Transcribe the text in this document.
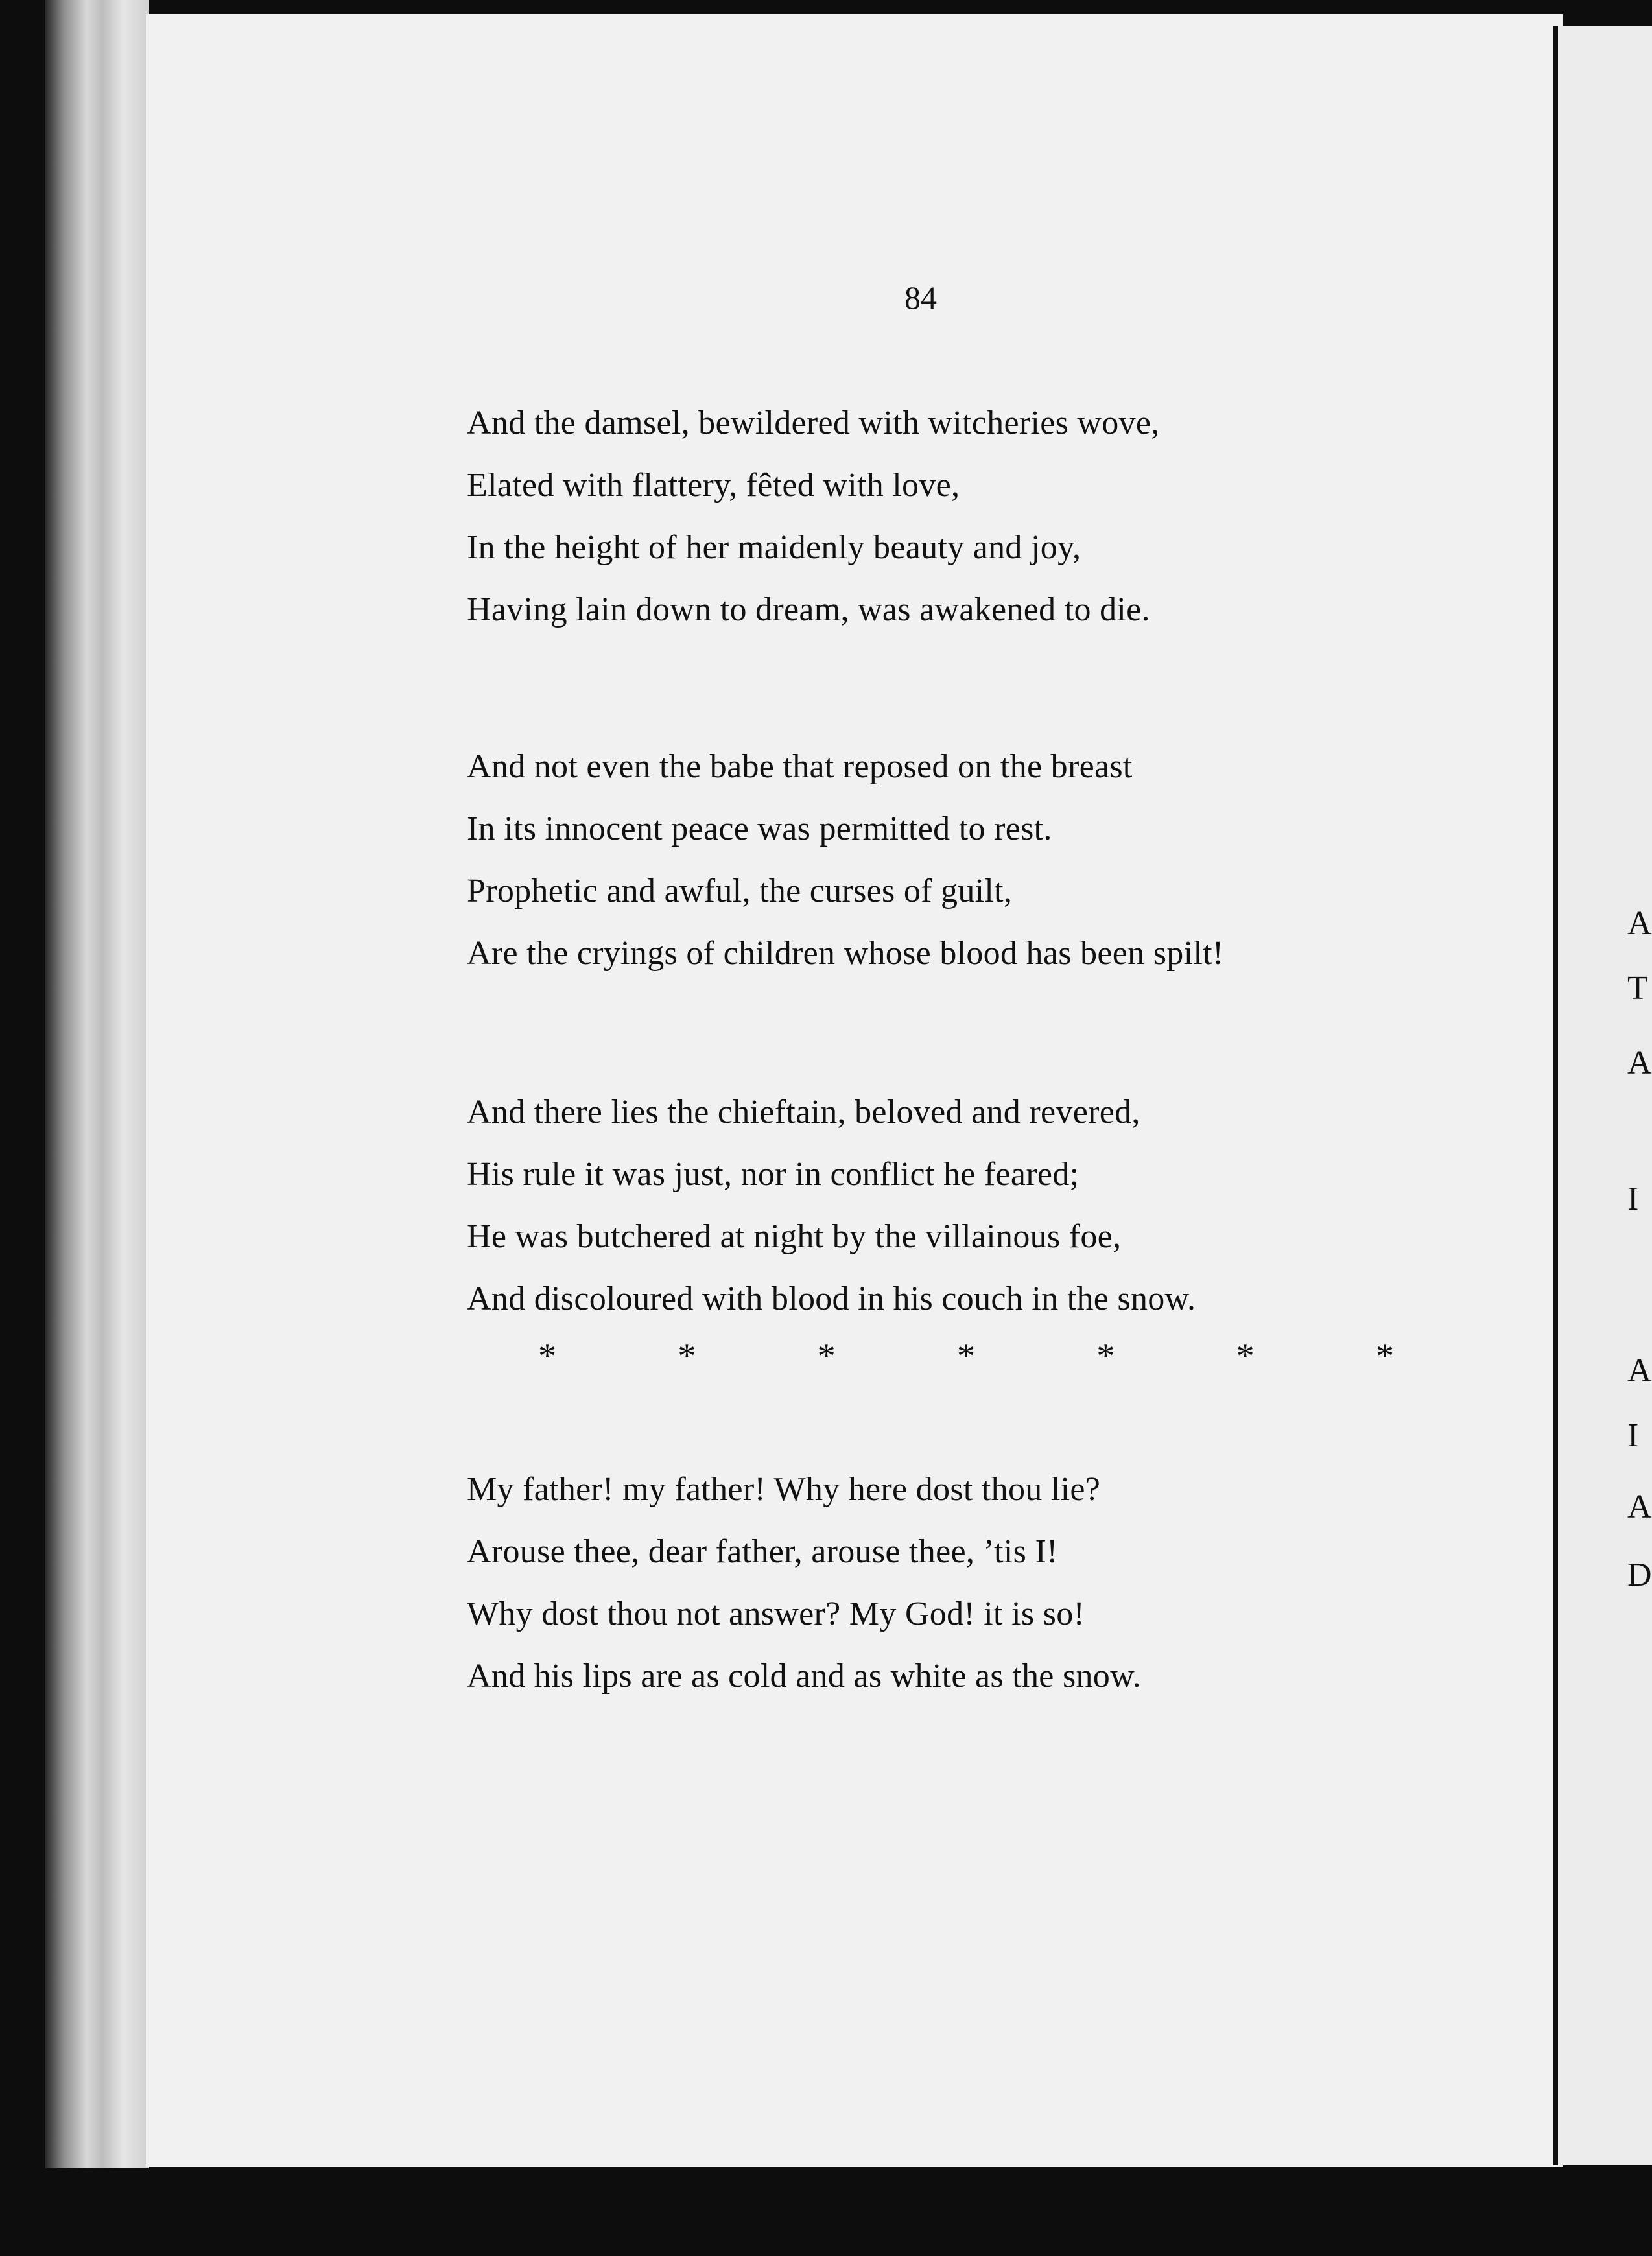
84
And the damsel, bewildered with witcheries wove,
Elated with flattery, fêted with love,
In the height of her maidenly beauty and joy,
Having lain down to dream, was awakened to die.
And not even the babe that reposed on the breast
In its innocent peace was permitted to rest.
Prophetic and awful, the curses of guilt,
Are the cryings of children whose blood has been spilt!
And there lies the chieftain, beloved and revered,
His rule it was just, nor in conflict he feared;
He was butchered at night by the villainous foe,
And discoloured with blood in his couch in the snow.
*	*	*	*	*	*	*
My father! my father! Why here dost thou lie?
Arouse thee, dear father, arouse thee, ’tis I!
Why dost thou not answer? My God! it is so!
And his lips are as cold and as white as the snow.
